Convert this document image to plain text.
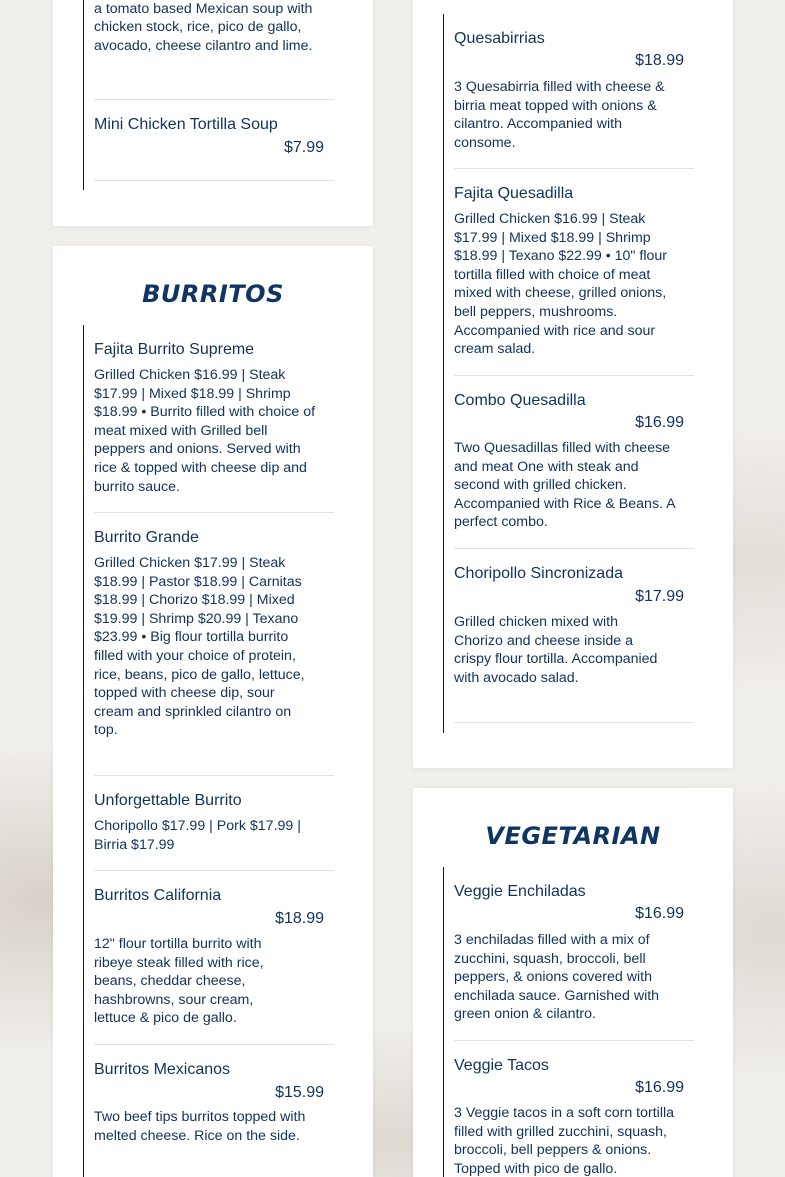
a tomato based Mexican soup with chicken stock, rice, pico de gallo, avocado, cheese cilantro and lime.
Mini Chicken Tortilla Soup
$7.99
BURRITOS
Fajita Burrito Supreme
Grilled Chicken $16.99 | Steak $17.99 | Mixed $18.99 | Shrimp $18.99 • Burrito filled with choice of meat mixed with Grilled bell peppers and onions. Served with rice & topped with cheese dip and burrito sauce.
Burrito Grande
Grilled Chicken $17.99 | Steak $18.99 | Pastor $18.99 | Carnitas $18.99 | Chorizo $18.99 | Mixed $19.99 | Shrimp $20.99 | Texano $23.99 • Big flour tortilla burrito filled with your choice of protein, rice, beans, pico de gallo, lettuce, topped with cheese dip, sour cream and sprinkled cilantro on top.
Unforgettable Burrito
Choripollo $17.99 | Pork $17.99 | Birria $17.99
Burritos California
$18.99
12" flour tortilla burrito with ribeye steak filled with rice, beans, cheddar cheese, hashbrowns, sour cream, lettuce & pico de gallo.
Burritos Mexicanos
$15.99
Two beef tips burritos topped with melted cheese. Rice on the side.
Quesabirrias
$18.99
3 Quesabirria filled with cheese & birria meat topped with onions & cilantro. Accompanied with consome.
Fajita Quesadilla
Grilled Chicken $16.99 | Steak $17.99 | Mixed $18.99 | Shrimp $18.99 | Texano $22.99 • 10" flour tortilla filled with choice of meat mixed with cheese, grilled onions, bell peppers, mushrooms. Accompanied with rice and sour cream salad.
Combo Quesadilla
$16.99
Two Quesadillas filled with cheese and meat One with steak and second with grilled chicken. Accompanied with Rice & Beans. A perfect combo.
Choripollo Sincronizada
$17.99
Grilled chicken mixed with Chorizo and cheese inside a crispy flour tortilla. Accompanied with avocado salad.
VEGETARIAN
Veggie Enchiladas
$16.99
3 enchiladas filled with a mix of zucchini, squash, broccoli, bell peppers, & onions covered with enchilada sauce. Garnished with green onion & cilantro.
Veggie Tacos
$16.99
3 Veggie tacos in a soft corn tortilla filled with grilled zucchini, squash, broccoli, bell peppers & onions. Topped with pico de gallo.
